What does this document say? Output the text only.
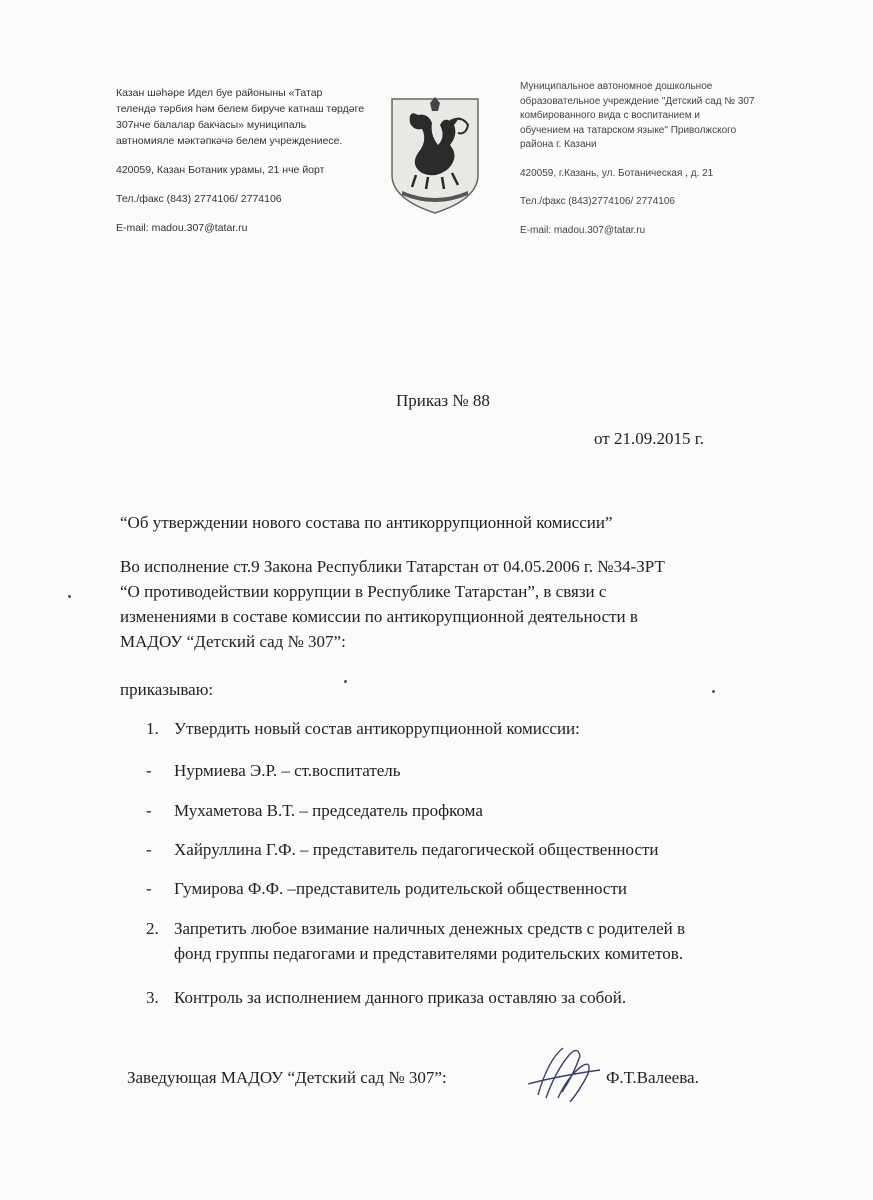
Казан шәһәре Идел буе районыны «Татар
телендә тәрбия һәм белем бируче катнаш төрдәге
307нче балалар бакчасы» муниципаль
автномияле мәктәпкәчә белем учреждениесе.
420059, Казан Ботаник урамы, 21 нче йорт
Тел./факс (843) 2774106/ 2774106
E-mail: madou.307@tatar.ru
Муниципальное автономное дошкольное
образовательное учреждение "Детский сад № 307
комбированного вида с воспитанием и
обучением на татарском языке" Приволжского
района г. Казани
420059, г.Казань, ул. Ботаническая , д. 21
Тел./факс (843)2774106/ 2774106
E-mail: madou.307@tatar.ru
Приказ № 88
от 21.09.2015 г.
“Об утверждении нового состава по антикоррупционной комиссии”
Во исполнение ст.9 Закона Республики Татарстан от 04.05.2006 г. №34-ЗРТ
“О противодействии коррупции в Республике Татарстан”, в связи с
изменениями в составе комиссии по антикорупционной деятельности в
МАДОУ “Детский сад № 307”:
приказываю:
1. Утвердить новый состав антикоррупционной комиссии:
- Нурмиева Э.Р. – ст.воспитатель
- Мухаметова В.Т. – председатель профкома
- Хайруллина Г.Ф. – представитель педагогической общественности
- Гумирова Ф.Ф. –представитель родительской общественности
2. Запретить любое взимание наличных денежных средств с родителей в
фонд группы педагогами и представителями родительских комитетов.
3. Контроль за исполнением данного приказа оставляю за собой.
Заведующая МАДОУ “Детский сад № 307”:	Ф.Т.Валеева.
